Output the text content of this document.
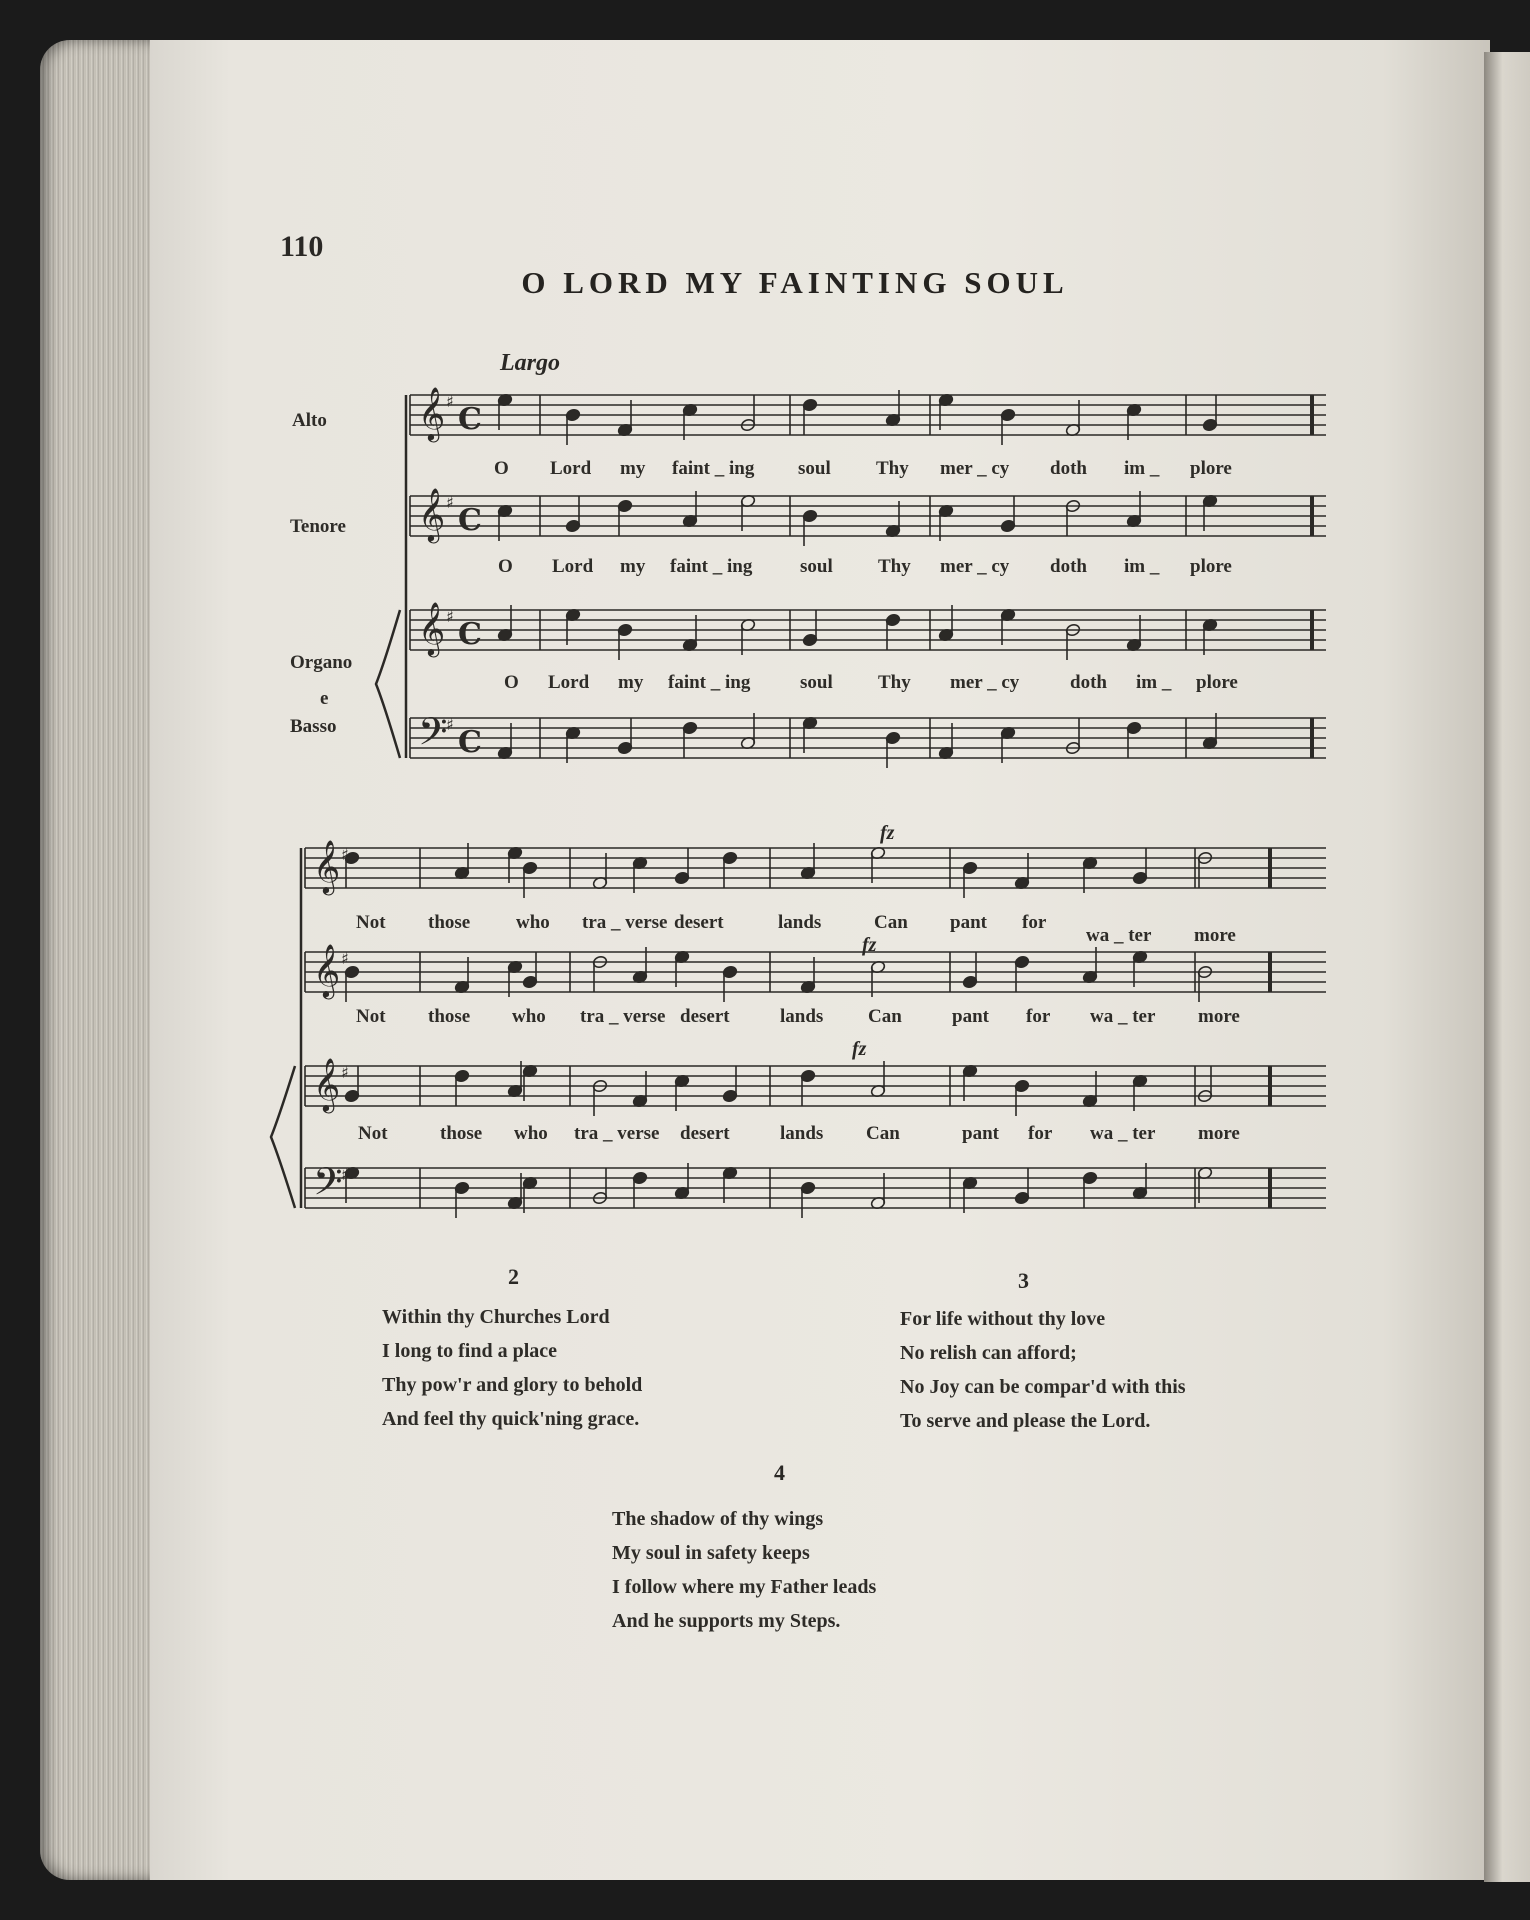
110
O LORD MY FAINTING SOUL
Largo
Alto
Tenore
Organo
e
Basso
𝄞 ♯
C
𝄞 ♯
C
𝄞 ♯
C
𝄢
♯
C
𝄞 ♯
𝄞 ♯
𝄞 ♯
𝄢
♯
fz
fz
fz
O Lord my faint _ ing soul Thy mer _ cy doth im _ plore
O Lord my faint _ ing	soul Thy mer _ cy doth im _ plore
O Lord my faint _ ing	soul Thy mer _ cy	doth im _ plore
Not those who tra _ verse desert	lands	Can pant for
wa _ ter more
Not those who tra _ verse desert	lands Can	pant for wa _ ter more
Not	those who tra _ verse desert	lands Can	pant for wa _ ter more
2
Within thy Churches Lord
I long to find a place
Thy pow'r and glory to behold
And feel thy quick'ning grace.
3
For life without thy love
No relish can afford;
No Joy can be compar'd with this
To serve and please the Lord.
4
The shadow of thy wings
My soul in safety keeps
I follow where my Father leads
And he supports my Steps.
